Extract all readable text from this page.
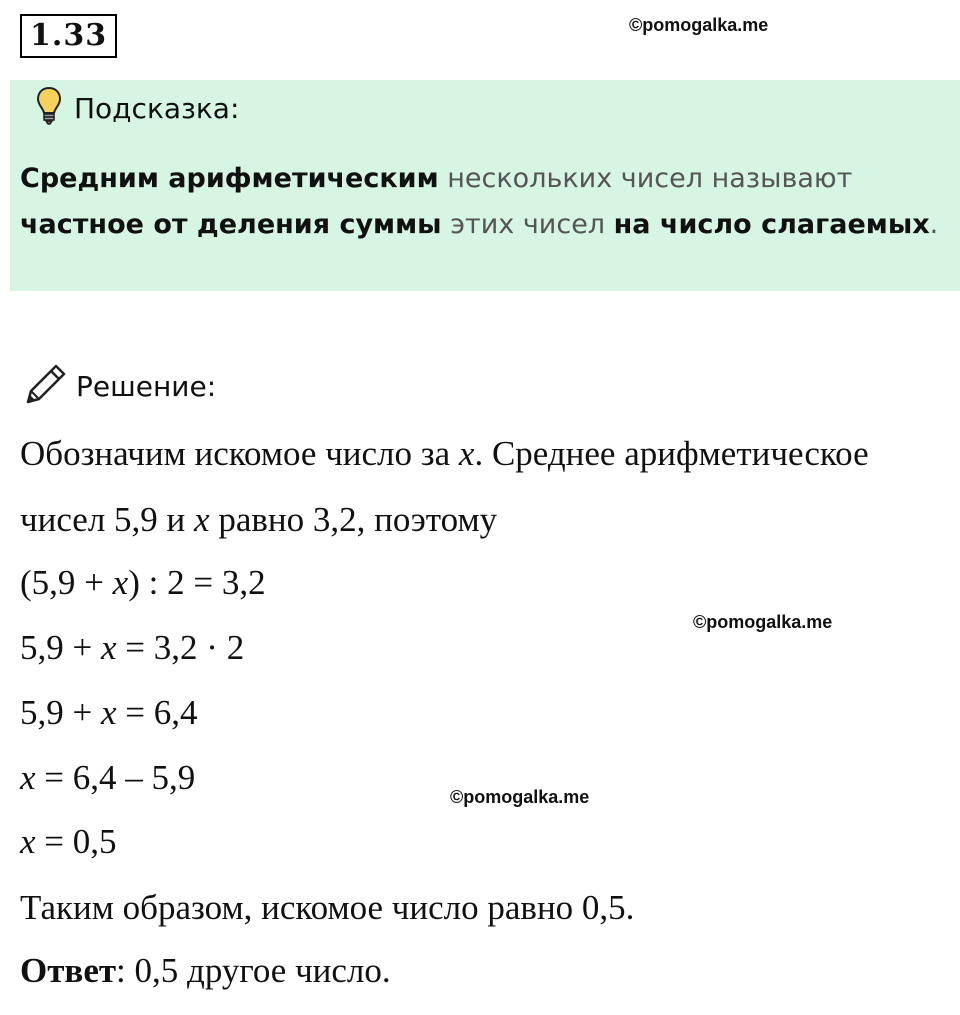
1.33	©pomogalka.me
Подсказка:
Средним арифметическим нескольких чисел называют
частное от деления суммы этих чисел на число слагаемых.
Решение:
Обозначим искомое число за x. Среднее арифметическое
чисел 5,9 и x равно 3,2, поэтому
(5,9 + x) : 2 = 3,2
5,9 + x = 3,2 · 2
©pomogalka.me
5,9 + x = 6,4
x = 6,4 – 5,9	©pomogalka.me
x = 0,5
Таким образом, искомое число равно 0,5.
Ответ: 0,5 другое число.
